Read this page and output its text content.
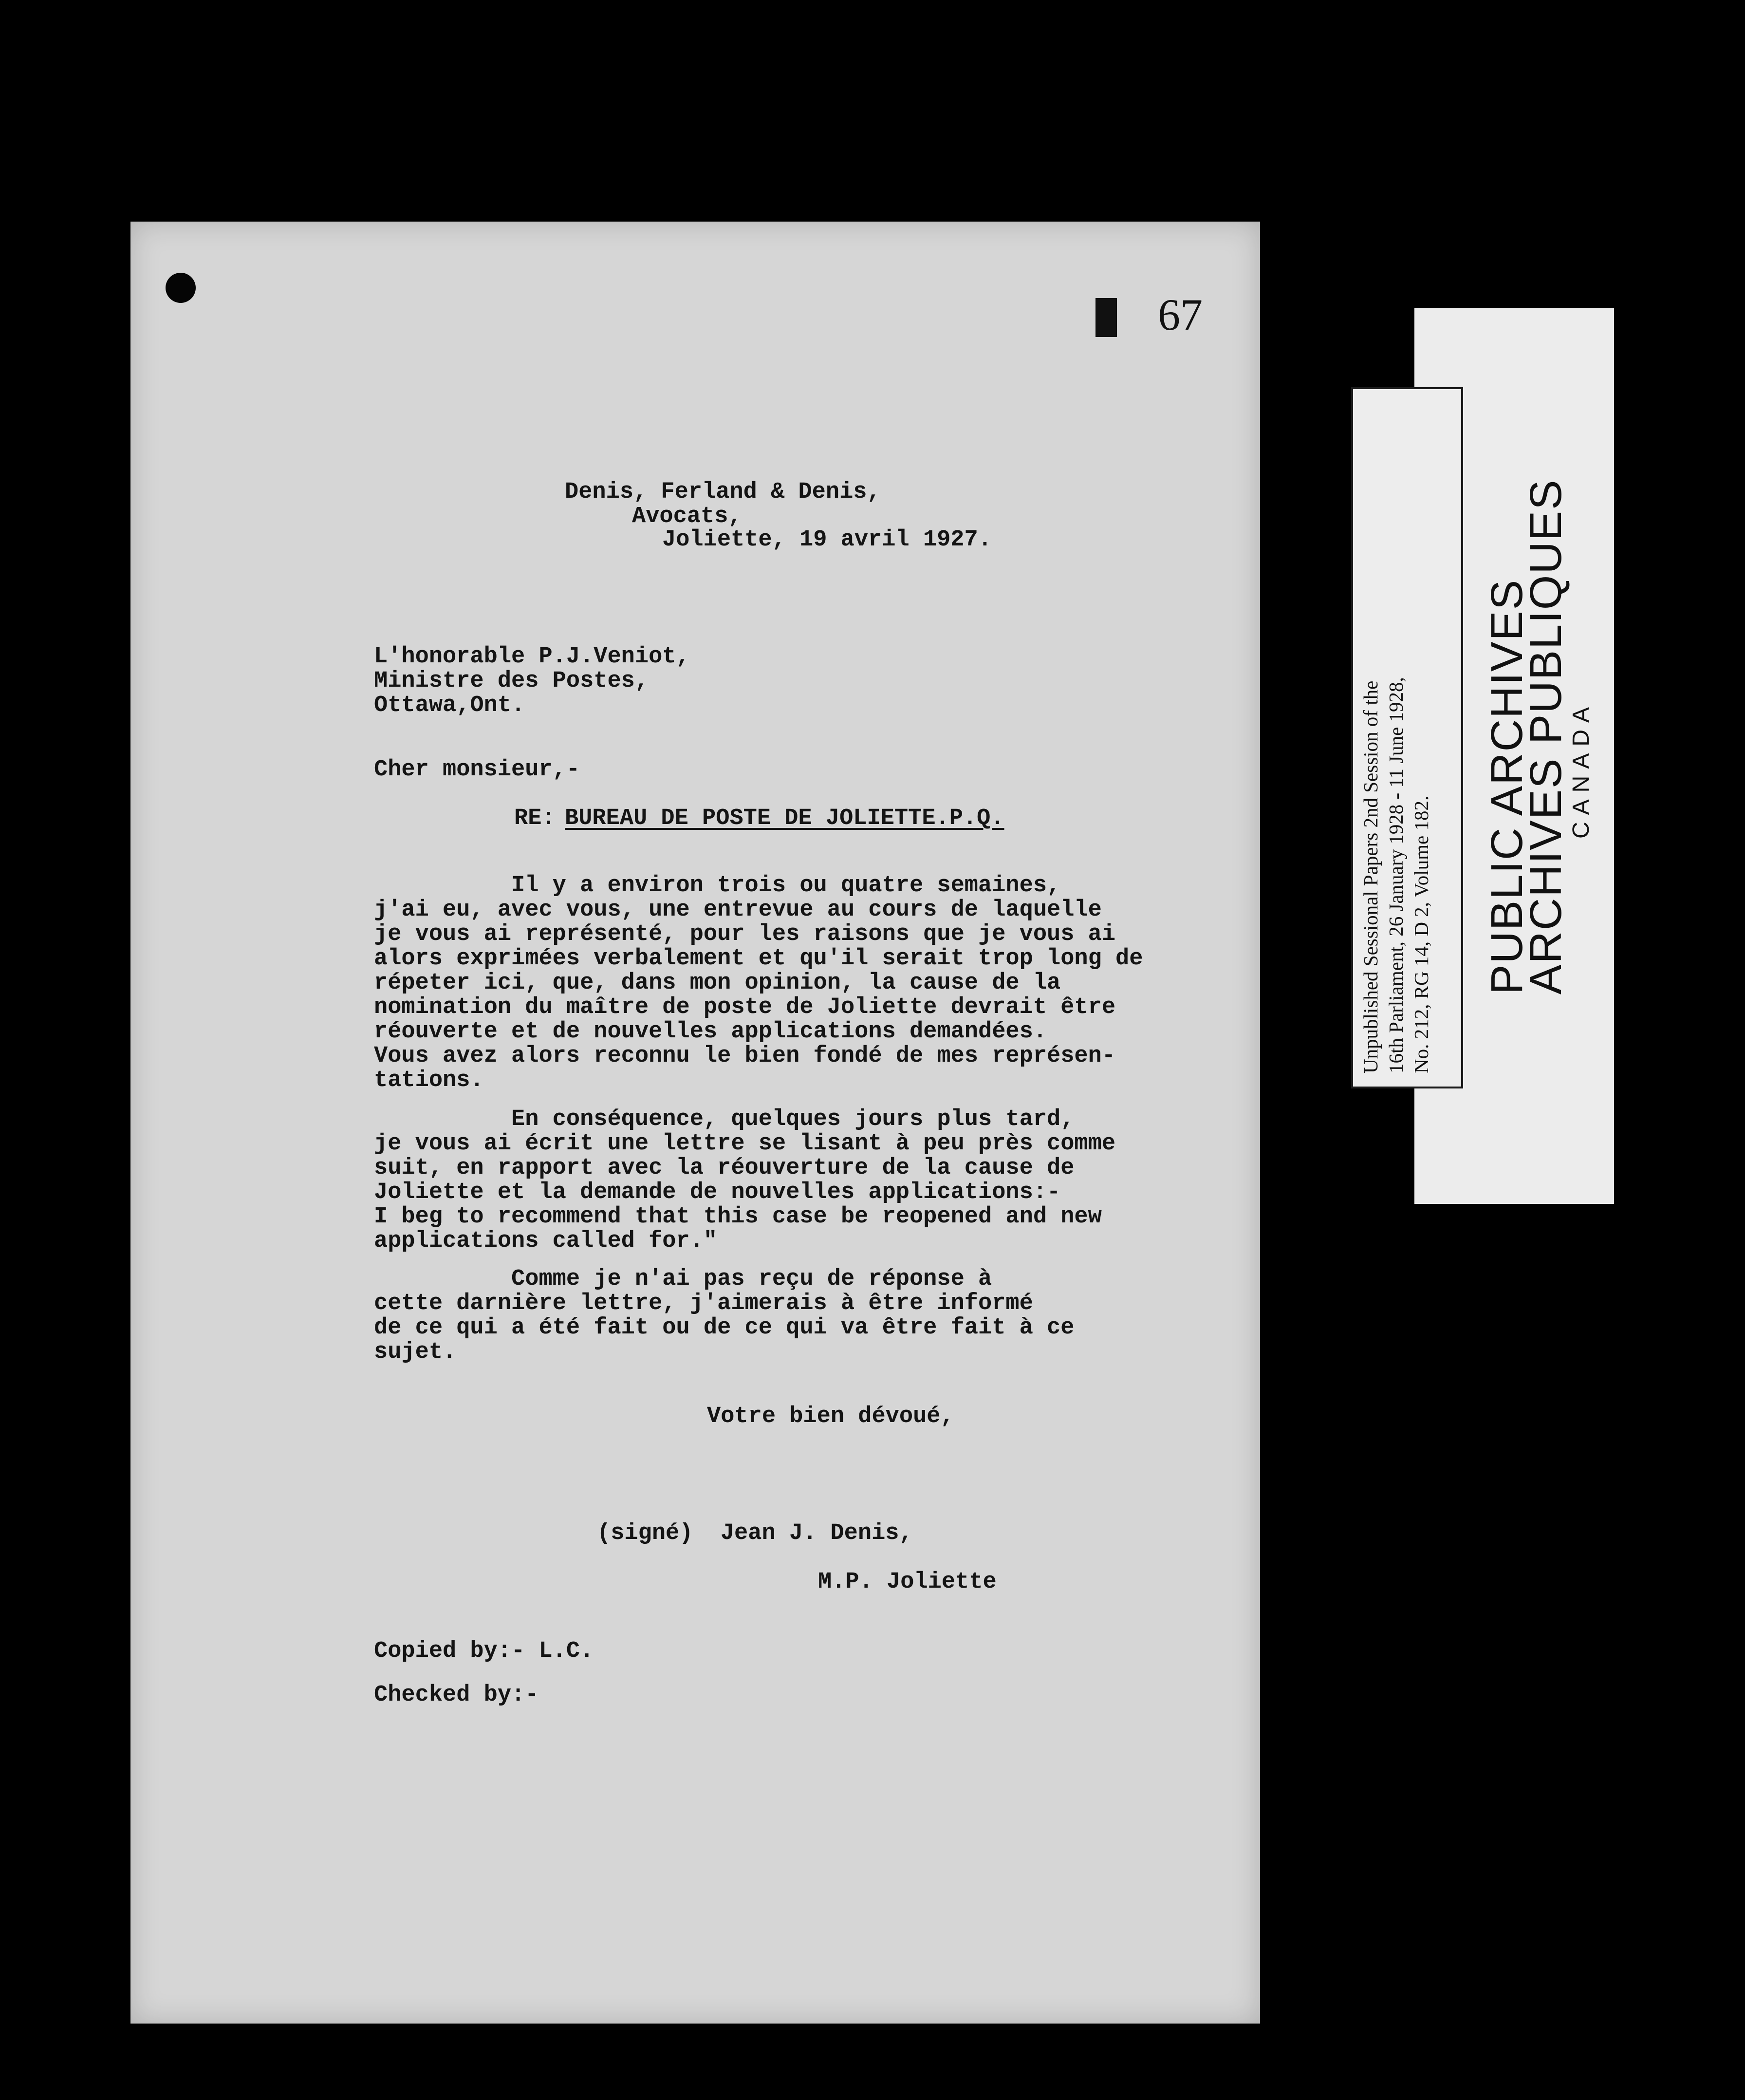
67
Denis, Ferland & Denis,
Avocats,
Joliette, 19 avril 1927.
L'honorable P.J.Veniot,
Ministre des Postes,
Ottawa,Ont.
Cher monsieur,-
RE: BUREAU DE POSTE DE JOLIETTE.P.Q.
Il y a environ trois ou quatre semaines,
j'ai eu, avec vous, une entrevue au cours de laquelle
je vous ai représenté, pour les raisons que je vous ai
alors exprimées verbalement et qu'il serait trop long de
répeter ici, que, dans mon opinion, la cause de la
nomination du maître de poste de Joliette devrait être
réouverte et de nouvelles applications demandées.
Vous avez alors reconnu le bien fondé de mes représen-
tations.
En conséquence, quelques jours plus tard,
je vous ai écrit une lettre se lisant à peu près comme
suit, en rapport avec la réouverture de la cause de
Joliette et la demande de nouvelles applications:-
I beg to recommend that this case be reopened and new
applications called for."
Comme je n'ai pas reçu de réponse à
cette darnière lettre, j'aimerais à être informé
de ce qui a été fait ou de ce qui va être fait à ce
sujet.
Votre bien dévoué,
(signé)  Jean J. Denis,
M.P. Joliette
Copied by:- L.C.
Checked by:-
PUBLIC ARCHIVES
ARCHIVES PUBLIQUES
CANADA
Unpublished Sessional Papers 2nd Session of the 16th Parliament, 26 January 1928 - 11 June 1928, No. 212, RG 14, D 2, Volume 182.
